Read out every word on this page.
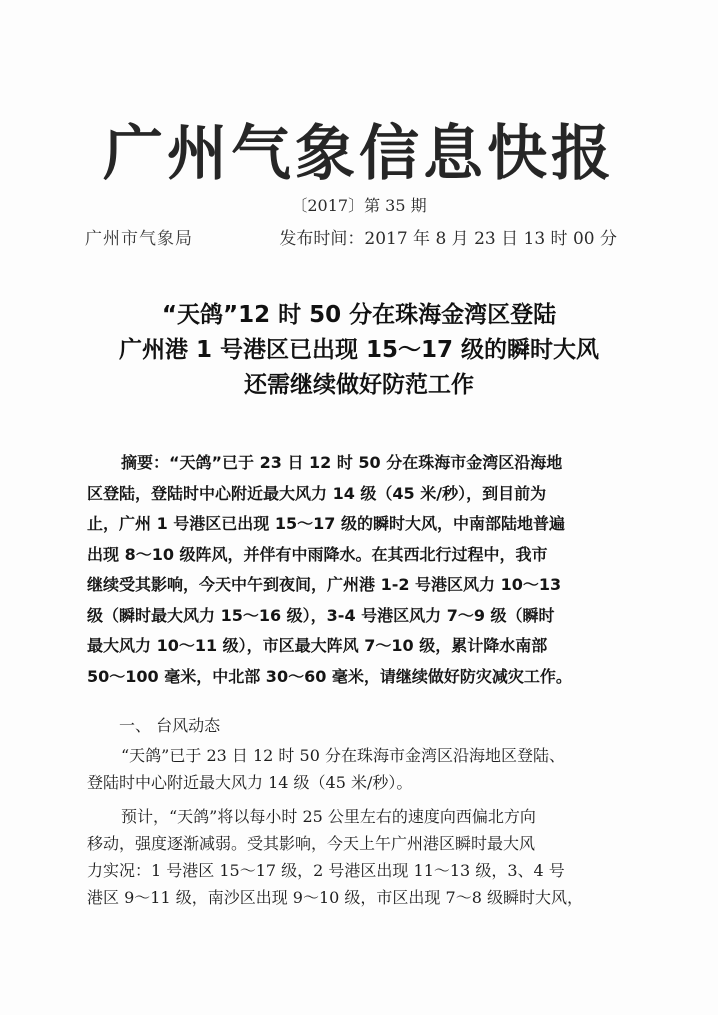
广州气象信息快报
〔2017〕第 35 期
广州市气象局	发布时间：2017 年 8 月 23 日 13 时 00 分
“天鸽”12 时 50 分在珠海金湾区登陆
广州港 1 号港区已出现 15～17 级的瞬时大风
还需继续做好防范工作
摘要：“天鸽”已于 23 日 12 时 50 分在珠海市金湾区沿海地
区登陆，登陆时中心附近最大风力 14 级（45 米/秒），到目前为
止，广州 1 号港区已出现 15～17 级的瞬时大风，中南部陆地普遍
出现 8～10 级阵风，并伴有中雨降水。在其西北行过程中，我市
继续受其影响，今天中午到夜间，广州港 1-2 号港区风力 10～13
级（瞬时最大风力 15～16 级），3-4 号港区风力 7～9 级（瞬时
最大风力 10～11 级），市区最大阵风 7～10 级，累计降水南部
50～100 毫米，中北部 30～60 毫米，请继续做好防灾减灾工作。
一、 台风动态
“天鸽”已于 23 日 12 时 50 分在珠海市金湾区沿海地区登陆、
登陆时中心附近最大风力 14 级（45 米/秒）。
预计，“天鸽”将以每小时 25 公里左右的速度向西偏北方向
移动，强度逐渐减弱。受其影响，今天上午广州港区瞬时最大风
力实况：1 号港区 15～17 级，2 号港区出现 11～13 级，3、4 号
港区 9～11 级，南沙区出现 9～10 级，市区出现 7～8 级瞬时大风，
